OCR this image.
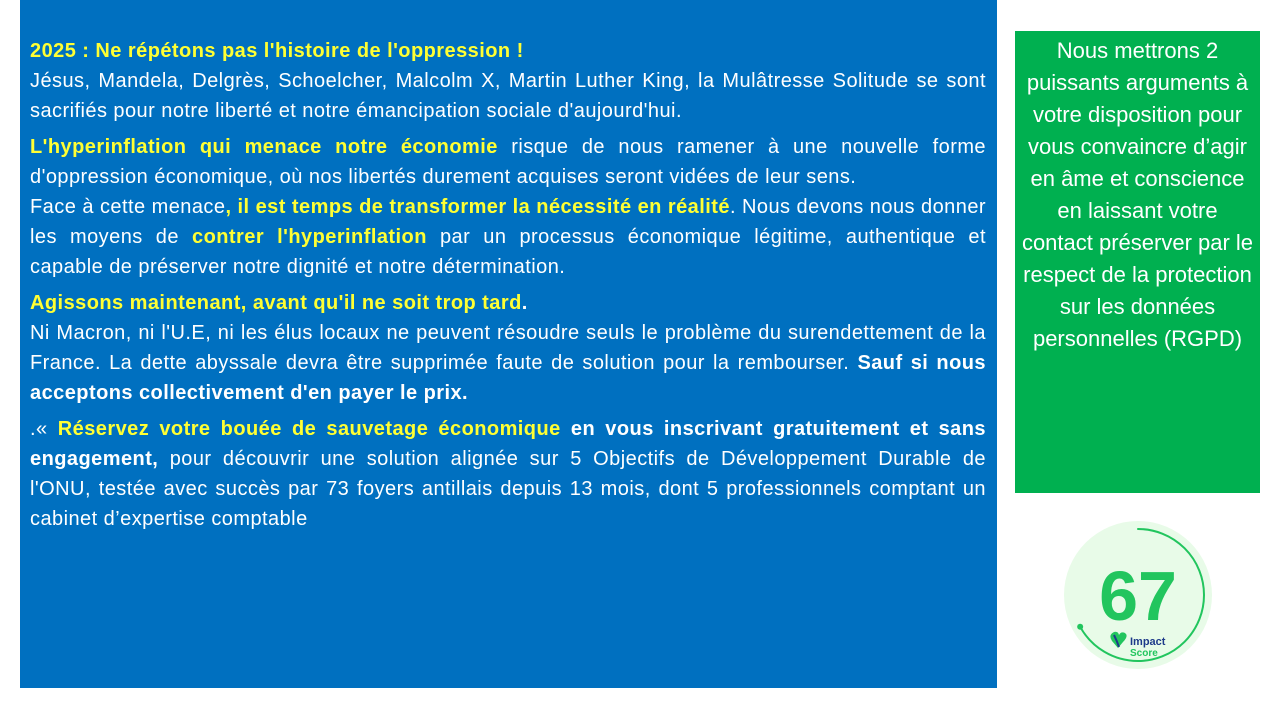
2025 : Ne répétons pas l'histoire de l'oppression !
Jésus, Mandela, Delgrès, Schoelcher, Malcolm X, Martin Luther King, la Mulâtresse Solitude se sont sacrifiés pour notre liberté et notre émancipation sociale d'aujourd'hui.

L'hyperinflation qui menace notre économie risque de nous ramener à une nouvelle forme d'oppression économique, où nos libertés durement acquises seront vidées de leur sens.
Face à cette menace, il est temps de transformer la nécessité en réalité. Nous devons nous donner les moyens de contrer l'hyperinflation par un processus économique légitime, authentique et capable de préserver notre dignité et notre détermination.

Agissons maintenant, avant qu'il ne soit trop tard.
Ni Macron, ni l'U.E, ni les élus locaux ne peuvent résoudre seuls le problème du surendettement de la France. La dette abyssale devra être supprimée faute de solution pour la rembourser. Sauf si nous acceptons collectivement d'en payer le prix.

.« Réservez votre bouée de sauvetage économique en vous inscrivant gratuitement et sans engagement, pour découvrir une solution alignée sur 5 Objectifs de Développement Durable de l'ONU, testée avec succès par 73 foyers antillais depuis 13 mois, dont 5 professionnels comptant un cabinet d’expertise comptable

Nous mettrons 2 puissants arguments à votre disposition pour vous convaincre d’agir en âme et conscience en laissant votre contact préserver par le respect de la protection sur les données personnelles (RGPD)
67
Impact
Score
